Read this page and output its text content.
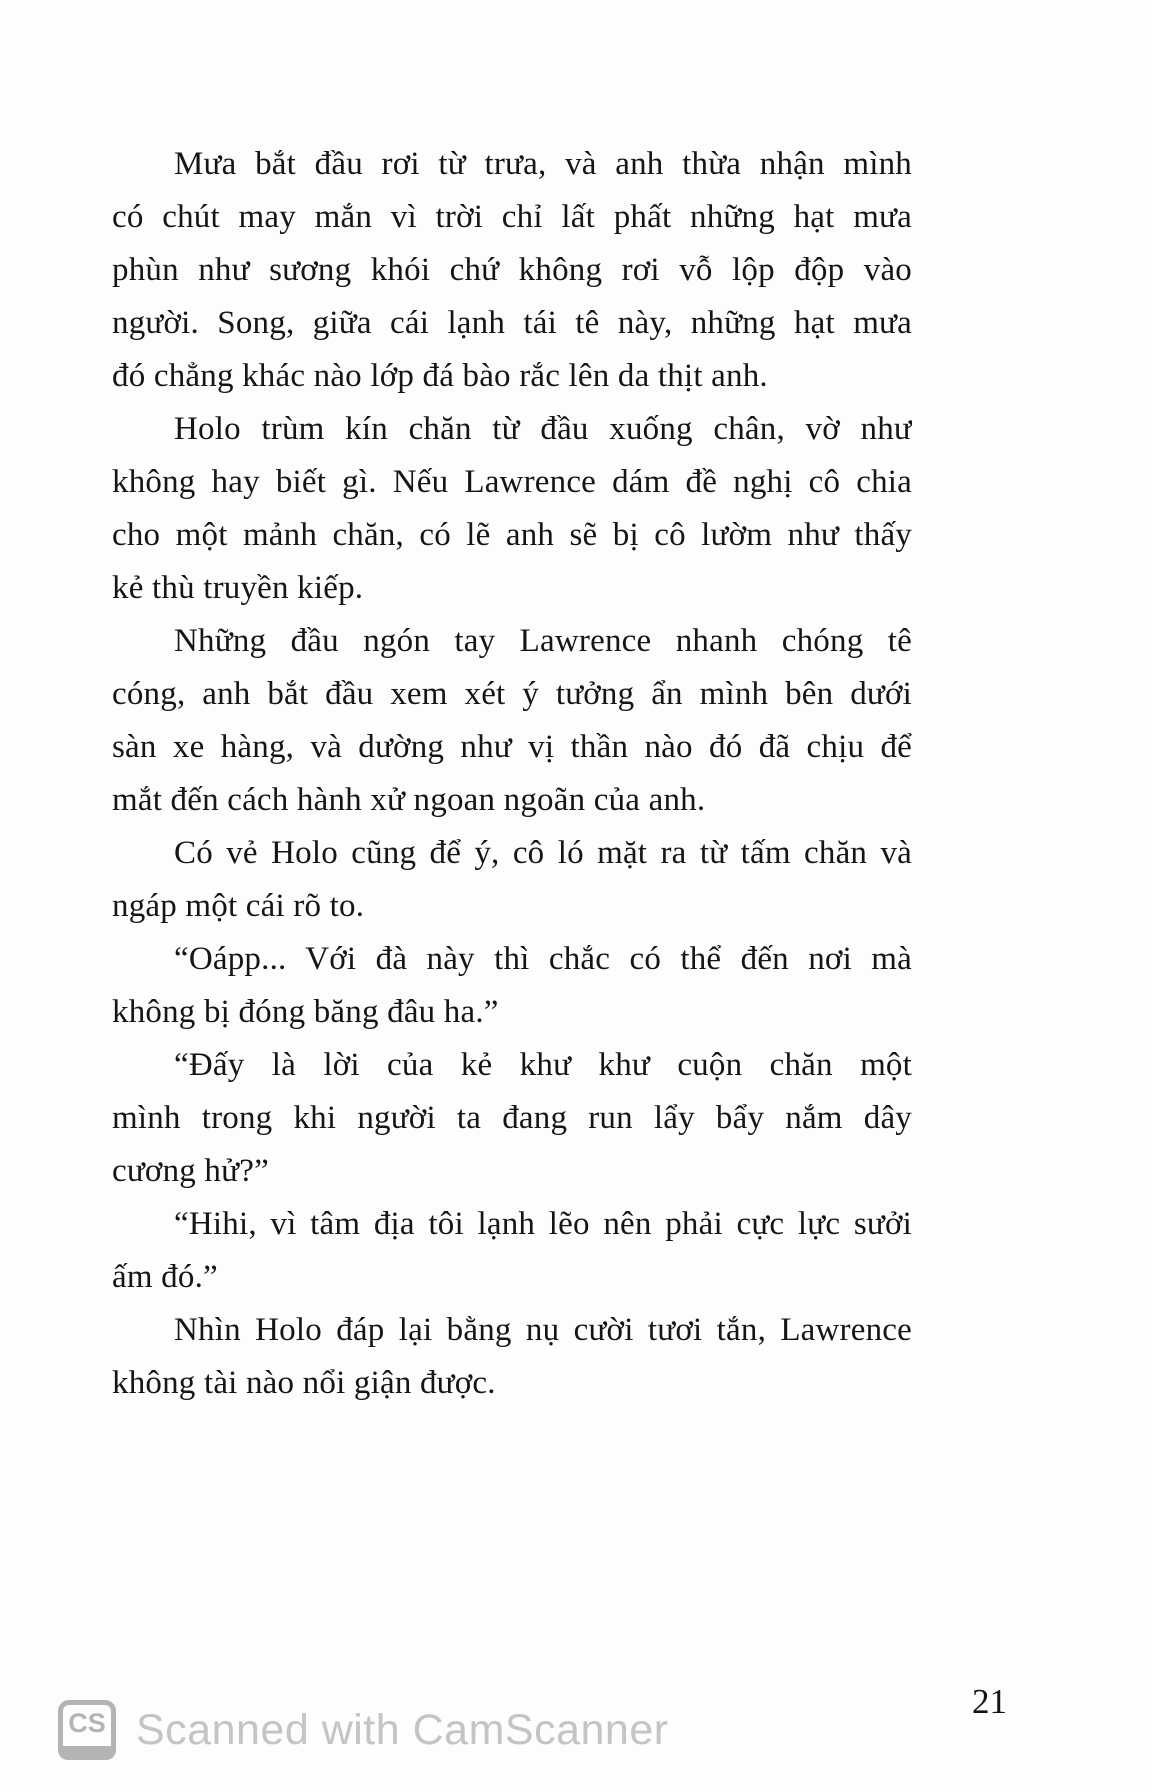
Mưa bắt đầu rơi từ trưa, và anh thừa nhận mình
có chút may mắn vì trời chỉ lất phất những hạt mưa
phùn như sương khói chứ không rơi vỗ lộp độp vào
người. Song, giữa cái lạnh tái tê này, những hạt mưa
đó chẳng khác nào lớp đá bào rắc lên da thịt anh.
Holo trùm kín chăn từ đầu xuống chân, vờ như
không hay biết gì. Nếu Lawrence dám đề nghị cô chia
cho một mảnh chăn, có lẽ anh sẽ bị cô lườm như thấy
kẻ thù truyền kiếp.
Những đầu ngón tay Lawrence nhanh chóng tê
cóng, anh bắt đầu xem xét ý tưởng ẩn mình bên dưới
sàn xe hàng, và dường như vị thần nào đó đã chịu để
mắt đến cách hành xử ngoan ngoãn của anh.
Có vẻ Holo cũng để ý, cô ló mặt ra từ tấm chăn và
ngáp một cái rõ to.
“Oápp... Với đà này thì chắc có thể đến nơi mà
không bị đóng băng đâu ha.”
“Đấy là lời của kẻ khư khư cuộn chăn một
mình trong khi người ta đang run lẩy bẩy nắm dây
cương hử?”
“Hihi, vì tâm địa tôi lạnh lẽo nên phải cực lực sưởi
ấm đó.”
Nhìn Holo đáp lại bằng nụ cười tươi tắn, Lawrence
không tài nào nổi giận được.
21
CS Scanned with CamScanner
